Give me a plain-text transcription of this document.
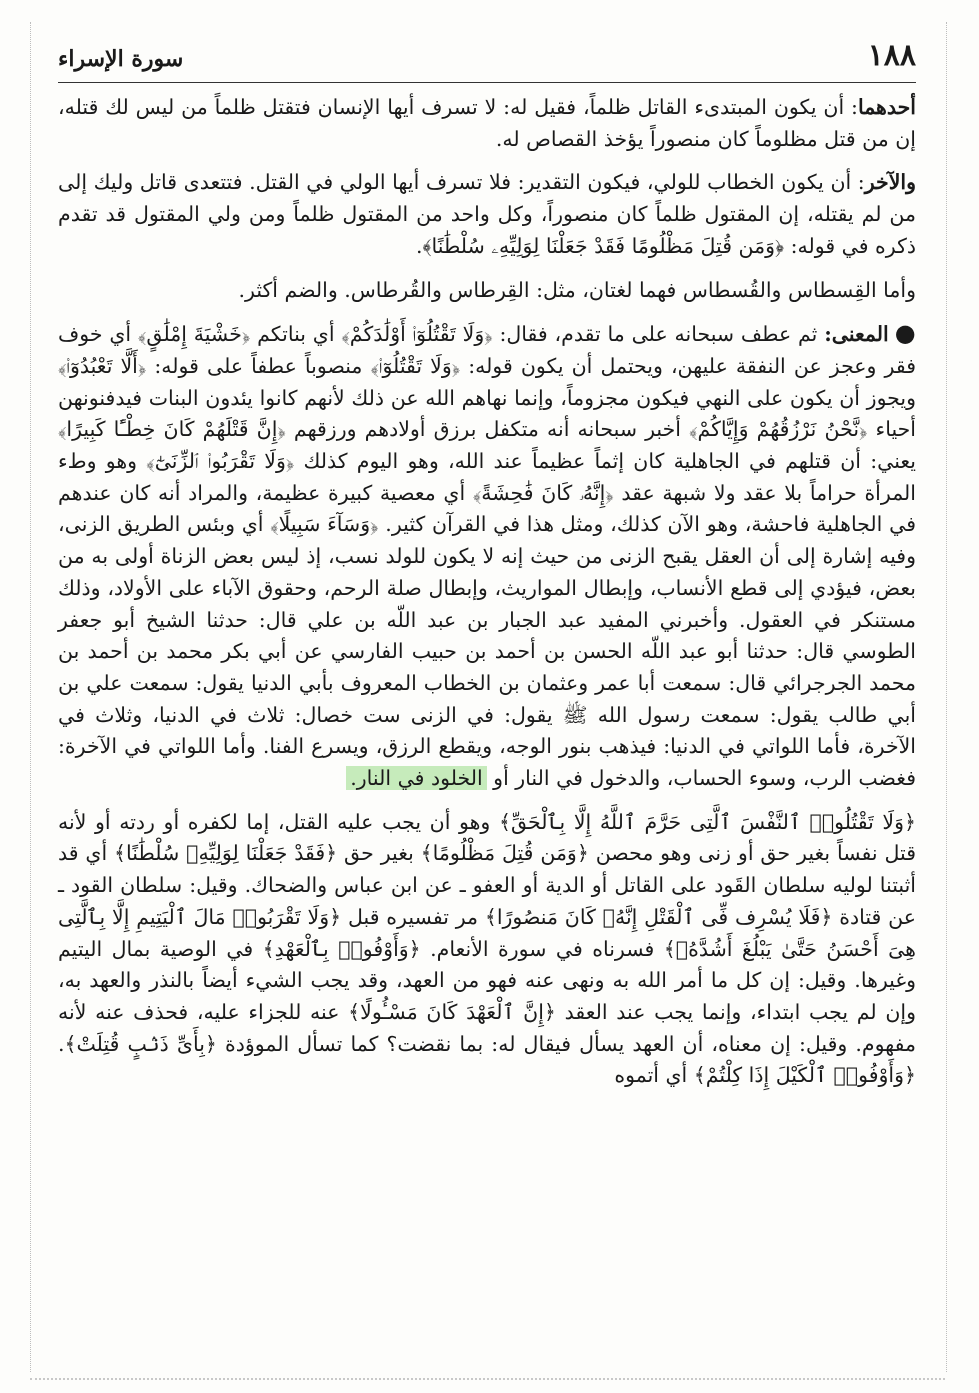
١٨٨
سورة الإسراء

أحدهما: أن يكون المبتدىء القاتل ظلماً، فقيل له: لا تسرف أيها الإنسان فتقتل ظلماً من ليس لك قتله، إن من قتل مظلوماً كان منصوراً يؤخذ القصاص له.

والآخر: أن يكون الخطاب للولي، فيكون التقدير: فلا تسرف أيها الولي في القتل. فتتعدى قاتل وليك إلى من لم يقتله، إن المقتول ظلماً كان منصوراً، وكل واحد من المقتول ظلماً ومن ولي المقتول قد تقدم ذكره في قوله: ﴿وَمَن قُتِلَ مَظْلُومًا فَقَدْ جَعَلْنَا لِوَلِيِّهِۦ سُلْطَٰنًا﴾.

وأما القِسطاس والقُسطاس فهما لغتان، مثل: القِرطاس والقُرطاس. والضم أكثر.

●المعنى: ثم عطف سبحانه على ما تقدم، فقال: ﴿وَلَا تَقْتُلُوٓا۟ أَوْلَٰدَكُمْ﴾ أي بناتكم ﴿خَشْيَةَ إِمْلَٰقٍ﴾ أي خوف فقر وعجز عن النفقة عليهن، ويحتمل أن يكون قوله: ﴿وَلَا تَقْتُلُوٓا۟﴾ منصوباً عطفاً على قوله: ﴿أَلَّا تَعْبُدُوٓا۟﴾ ويجوز أن يكون على النهي فيكون مجزوماً، وإنما نهاهم الله عن ذلك لأنهم كانوا يئدون البنات فيدفنونهن أحياء ﴿نَّحْنُ نَرْزُقُهُمْ وَإِيَّاكُمْ﴾ أخبر سبحانه أنه متكفل برزق أولادهم ورزقهم ﴿إِنَّ قَتْلَهُمْ كَانَ خِطْـًٔا كَبِيرًا﴾ يعني: أن قتلهم في الجاهلية كان إثماً عظيماً عند الله، وهو اليوم كذلك ﴿وَلَا تَقْرَبُوا۟ ٱلزِّنَىٰٓ﴾ وهو وطء المرأة حراماً بلا عقد ولا شبهة عقد ﴿إِنَّهُۥ كَانَ فَٰحِشَةً﴾ أي معصية كبيرة عظيمة، والمراد أنه كان عندهم في الجاهلية فاحشة، وهو الآن كذلك، ومثل هذا في القرآن كثير. ﴿وَسَآءَ سَبِيلًا﴾ أي وبئس الطريق الزنى، وفيه إشارة إلى أن العقل يقبح الزنى من حيث إنه لا يكون للولد نسب، إذ ليس بعض الزناة أولى به من بعض، فيؤدي إلى قطع الأنساب، وإبطال المواريث، وإبطال صلة الرحم، وحقوق الآباء على الأولاد، وذلك مستنكر في العقول. وأخبرني المفيد عبد الجبار بن عبد اللّه بن علي قال: حدثنا الشيخ أبو جعفر الطوسي قال: حدثنا أبو عبد اللّه الحسن بن أحمد بن حبيب الفارسي عن أبي بكر محمد بن أحمد بن محمد الجرجرائي قال: سمعت أبا عمر وعثمان بن الخطاب المعروف بأبي الدنيا يقول: سمعت علي بن أبي طالب يقول: سمعت رسول الله ﷺ يقول: في الزنى ست خصال: ثلاث في الدنيا، وثلاث في الآخرة، فأما اللواتي في الدنيا: فيذهب بنور الوجه، ويقطع الرزق، ويسرع الفنا. وأما اللواتي في الآخرة: فغضب الرب، وسوء الحساب، والدخول في النار أو الخلود في النار.

﴿وَلَا تَقْتُلُوا۟ ٱلنَّفْسَ ٱلَّتِى حَرَّمَ ٱللَّهُ إِلَّا بِٱلْحَقِّ﴾ وهو أن يجب عليه القتل، إما لكفره أو ردته أو لأنه قتل نفساً بغير حق أو زنى وهو محصن ﴿وَمَن قُتِلَ مَظْلُومًا﴾ بغير حق ﴿فَقَدْ جَعَلْنَا لِوَلِيِّهِۦ سُلْطَٰنًا﴾ أي قد أثبتنا لوليه سلطان القَود على القاتل أو الدية أو العفو ـ عن ابن عباس والضحاك. وقيل: سلطان القود ـ عن قتادة ﴿فَلَا يُسْرِف فِّى ٱلْقَتْلِ إِنَّهُۥ كَانَ مَنصُورًا﴾ مر تفسيره قبل ﴿وَلَا تَقْرَبُوا۟ مَالَ ٱلْيَتِيمِ إِلَّا بِٱلَّتِى هِىَ أَحْسَنُ حَتَّىٰ يَبْلُغَ أَشُدَّهُۥ﴾ فسرناه في سورة الأنعام. ﴿وَأَوْفُوا۟ بِٱلْعَهْدِ﴾ في الوصية بمال اليتيم وغيرها. وقيل: إن كل ما أمر الله به ونهى عنه فهو من العهد، وقد يجب الشيء أيضاً بالنذر والعهد به، وإن لم يجب ابتداء، وإنما يجب عند العقد ﴿إِنَّ ٱلْعَهْدَ كَانَ مَسْـُٔولًا﴾ عنه للجزاء عليه، فحذف عنه لأنه مفهوم. وقيل: إن معناه، أن العهد يسأل فيقال له: بما نقضت؟ كما تسأل الموؤدة ﴿بِأَىِّ ذَنۢبٍ قُتِلَتْ﴾. ﴿وَأَوْفُوا۟ ٱلْكَيْلَ إِذَا كِلْتُمْ﴾ أي أتموه
